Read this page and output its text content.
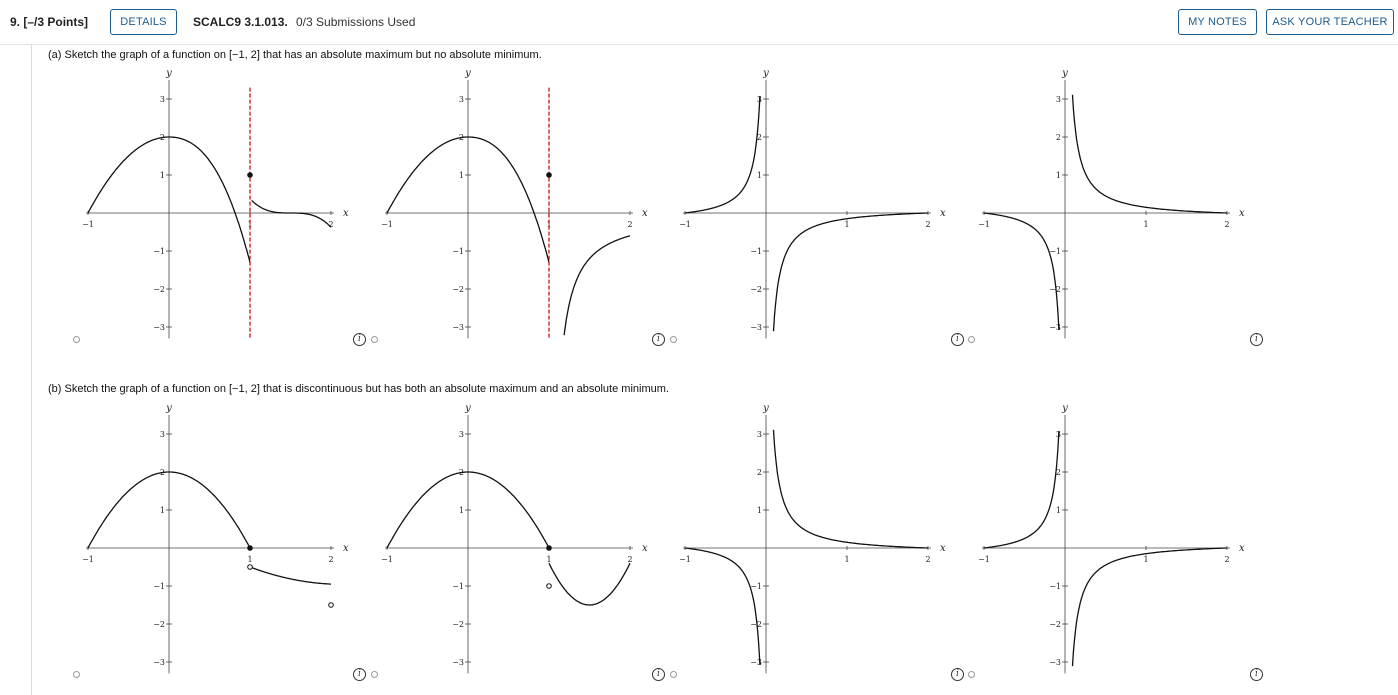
9. [–/3 Points]	DETAILS	SCALC9 3.1.013. 0/3 Submissions Used	MY NOTES	ASK YOUR TEACHER
(a) Sketch the graph of a function on [−1, 2] that has an absolute maximum but no absolute minimum.
−1	1	2
3
2
1
−1
−2
−3
x
y
−1	1	2
3
2
1
−1
−2
−3
x
y
−1	1	2
3
2
1
−1
−2
−3
x
y
−1	1	2
3
2
1
−1
−2
−3
x
y
−1	1	2
3
2
1
−1
−2
−3
x
y
−1	1	2
3
2
1
−1
−2
−3
x
y
−1	1	2
3
2
1
−1
−2
−3
x
y
−1	1	2
3
2
1
−1
−2
−3
x
y
i	i	i	i
i	i	i	i
(b) Sketch the graph of a function on [−1, 2] that is discontinuous but has both an absolute maximum and an absolute minimum.
